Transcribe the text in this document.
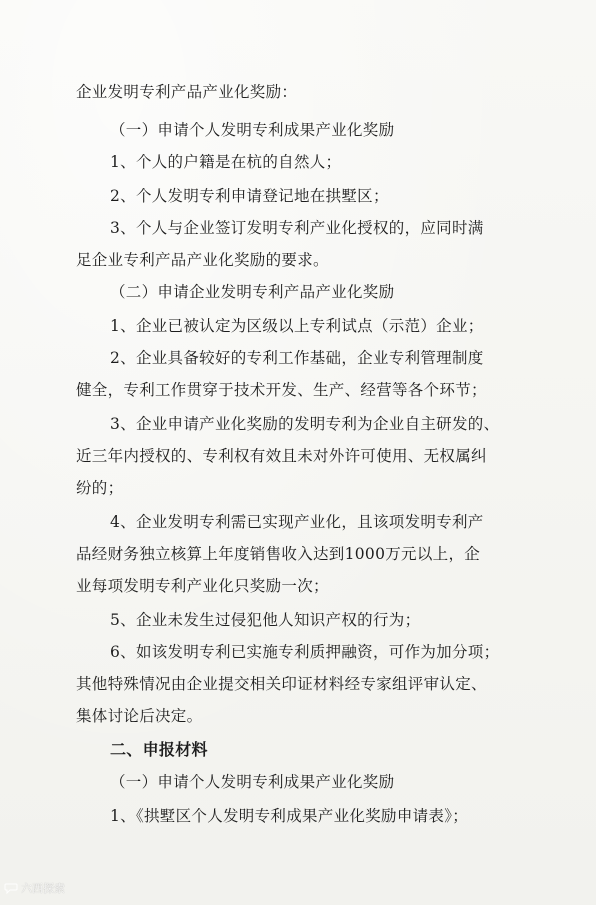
企业发明专利产品产业化奖励：
（一）申请个人发明专利成果产业化奖励
1、个人的户籍是在杭的自然人；
2、个人发明专利申请登记地在拱墅区；
3、个人与企业签订发明专利产业化授权的，应同时满
足企业专利产品产业化奖励的要求。
（二）申请企业发明专利产品产业化奖励
1、企业已被认定为区级以上专利试点（示范）企业；
2、企业具备较好的专利工作基础，企业专利管理制度
健全，专利工作贯穿于技术开发、生产、经营等各个环节；
3、企业申请产业化奖励的发明专利为企业自主研发的、
近三年内授权的、专利权有效且未对外许可使用、无权属纠
纷的；
4、企业发明专利需已实现产业化，且该项发明专利产
品经财务独立核算上年度销售收入达到1000万元以上，企
业每项发明专利产业化只奖励一次；
5、企业未发生过侵犯他人知识产权的行为；
6、如该发明专利已实施专利质押融资，可作为加分项；
其他特殊情况由企业提交相关印证材料经专家组评审认定、
集体讨论后决定。
二、申报材料
（一）申请个人发明专利成果产业化奖励
1、《拱墅区个人发明专利成果产业化奖励申请表》；
六西探索
